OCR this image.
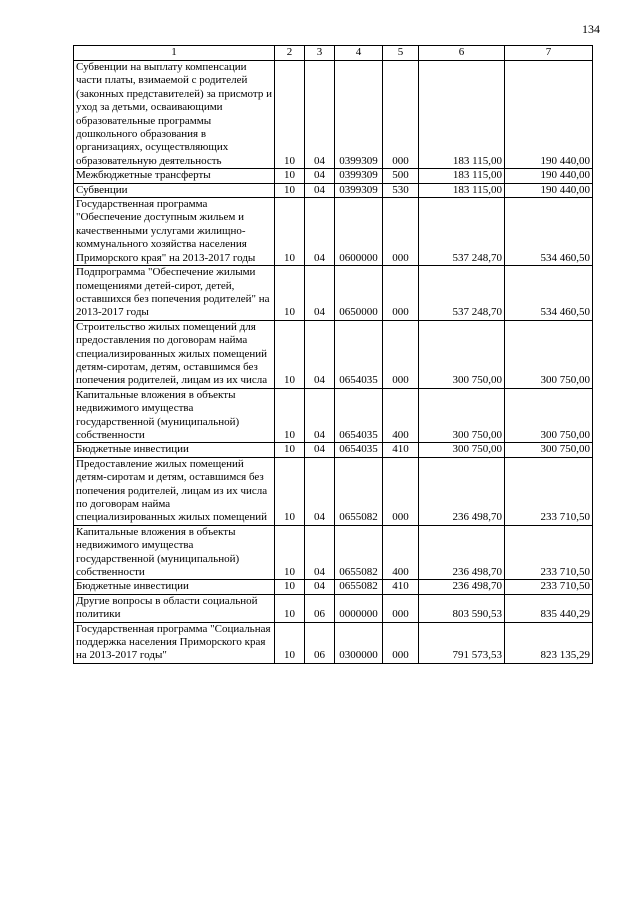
134
1	2	3	4	5	6	7
Субвенции на выплату компенсации части платы, взимаемой с родителей (законных представителей) за присмотр и уход за детьми, осваивающими образовательные программы дошкольного образования в организациях, осуществляющих образовательную деятельность	10	04	0399309	000	183 115,00	190 440,00
Межбюджетные трансферты	10	04	0399309	500	183 115,00	190 440,00
Субвенции	10	04	0399309	530	183 115,00	190 440,00
Государственная программа "Обеспечение доступным жильем и качественными услугами жилищно-коммунального хозяйства населения Приморского края" на 2013-2017 годы	10	04	0600000	000	537 248,70	534 460,50
Подпрограмма "Обеспечение жилыми помещениями детей-сирот, детей, оставшихся без попечения родителей" на 2013-2017 годы	10	04	0650000	000	537 248,70	534 460,50
Строительство жилых помещений для предоставления по договорам найма специализированных жилых помещений детям-сиротам, детям, оставшимся без попечения родителей, лицам из их числа	10	04	0654035	000	300 750,00	300 750,00
Капитальные вложения в объекты недвижимого имущества государственной (муниципальной) собственности	10	04	0654035	400	300 750,00	300 750,00
Бюджетные инвестиции	10	04	0654035	410	300 750,00	300 750,00
Предоставление жилых помещений детям-сиротам и детям, оставшимся без попечения родителей, лицам из их числа по договорам найма специализированных жилых помещений	10	04	0655082	000	236 498,70	233 710,50
Капитальные вложения в объекты недвижимого имущества государственной (муниципальной) собственности	10	04	0655082	400	236 498,70	233 710,50
Бюджетные инвестиции	10	04	0655082	410	236 498,70	233 710,50
Другие вопросы в области социальной политики	10	06	0000000	000	803 590,53	835 440,29
Государственная программа "Социальная поддержка населения Приморского края на 2013-2017 годы"	10	06	0300000	000	791 573,53	823 135,29
